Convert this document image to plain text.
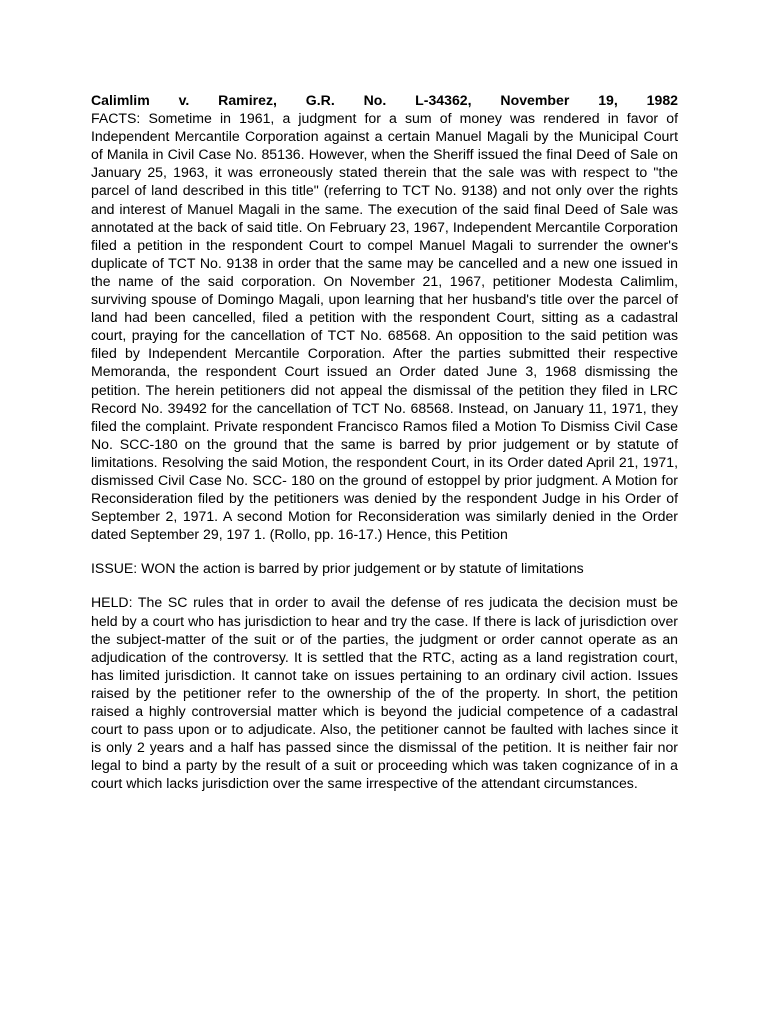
Calimlim v. Ramirez, G.R. No. L-34362, November 19, 1982

FACTS: Sometime in 1961, a judgment for a sum of money was rendered in favor of Independent Mercantile Corporation against a certain Manuel Magali by the Municipal Court of Manila in Civil Case No. 85136. However, when the Sheriff issued the final Deed of Sale on January 25, 1963, it was erroneously stated therein that the sale was with respect to "the parcel of land described in this title" (referring to TCT No. 9138) and not only over the rights and interest of Manuel Magali in the same. The execution of the said final Deed of Sale was annotated at the back of said title. On February 23, 1967, Independent Mercantile Corporation filed a petition in the respondent Court to compel Manuel Magali to surrender the owner's duplicate of TCT No. 9138 in order that the same may be cancelled and a new one issued in the name of the said corporation. On November 21, 1967, petitioner Modesta Calimlim, surviving spouse of Domingo Magali, upon learning that her husband's title over the parcel of land had been cancelled, filed a petition with the respondent Court, sitting as a cadastral court, praying for the cancellation of TCT No. 68568. An opposition to the said petition was filed by Independent Mercantile Corporation. After the parties submitted their respective Memoranda, the respondent Court issued an Order dated June 3, 1968 dismissing the petition. The herein petitioners did not appeal the dismissal of the petition they filed in LRC Record No. 39492 for the cancellation of TCT No. 68568. Instead, on January 11, 1971, they filed the complaint. Private respondent Francisco Ramos filed a Motion To Dismiss Civil Case No. SCC-180 on the ground that the same is barred by prior judgement or by statute of limitations. Resolving the said Motion, the respondent Court, in its Order dated April 21, 1971, dismissed Civil Case No. SCC- 180 on the ground of estoppel by prior judgment. A Motion for Reconsideration filed by the petitioners was denied by the respondent Judge in his Order of September 2, 1971. A second Motion for Reconsideration was similarly denied in the Order dated September 29, 197 1. (Rollo, pp. 16-17.) Hence, this Petition

ISSUE: WON the action is barred by prior judgement or by statute of limitations

HELD: The SC rules that in order to avail the defense of res judicata the decision must be held by a court who has jurisdiction to hear and try the case. If there is lack of jurisdiction over the subject-matter of the suit or of the parties, the judgment or order cannot operate as an adjudication of the controversy. It is settled that the RTC, acting as a land registration court, has limited jurisdiction. It cannot take on issues pertaining to an ordinary civil action. Issues raised by the petitioner refer to the ownership of the of the property. In short, the petition raised a highly controversial matter which is beyond the judicial competence of a cadastral court to pass upon or to adjudicate. Also, the petitioner cannot be faulted with laches since it is only 2 years and a half has passed since the dismissal of the petition. It is neither fair nor legal to bind a party by the result of a suit or proceeding which was taken cognizance of in a court which lacks jurisdiction over the same irrespective of the attendant circumstances.
